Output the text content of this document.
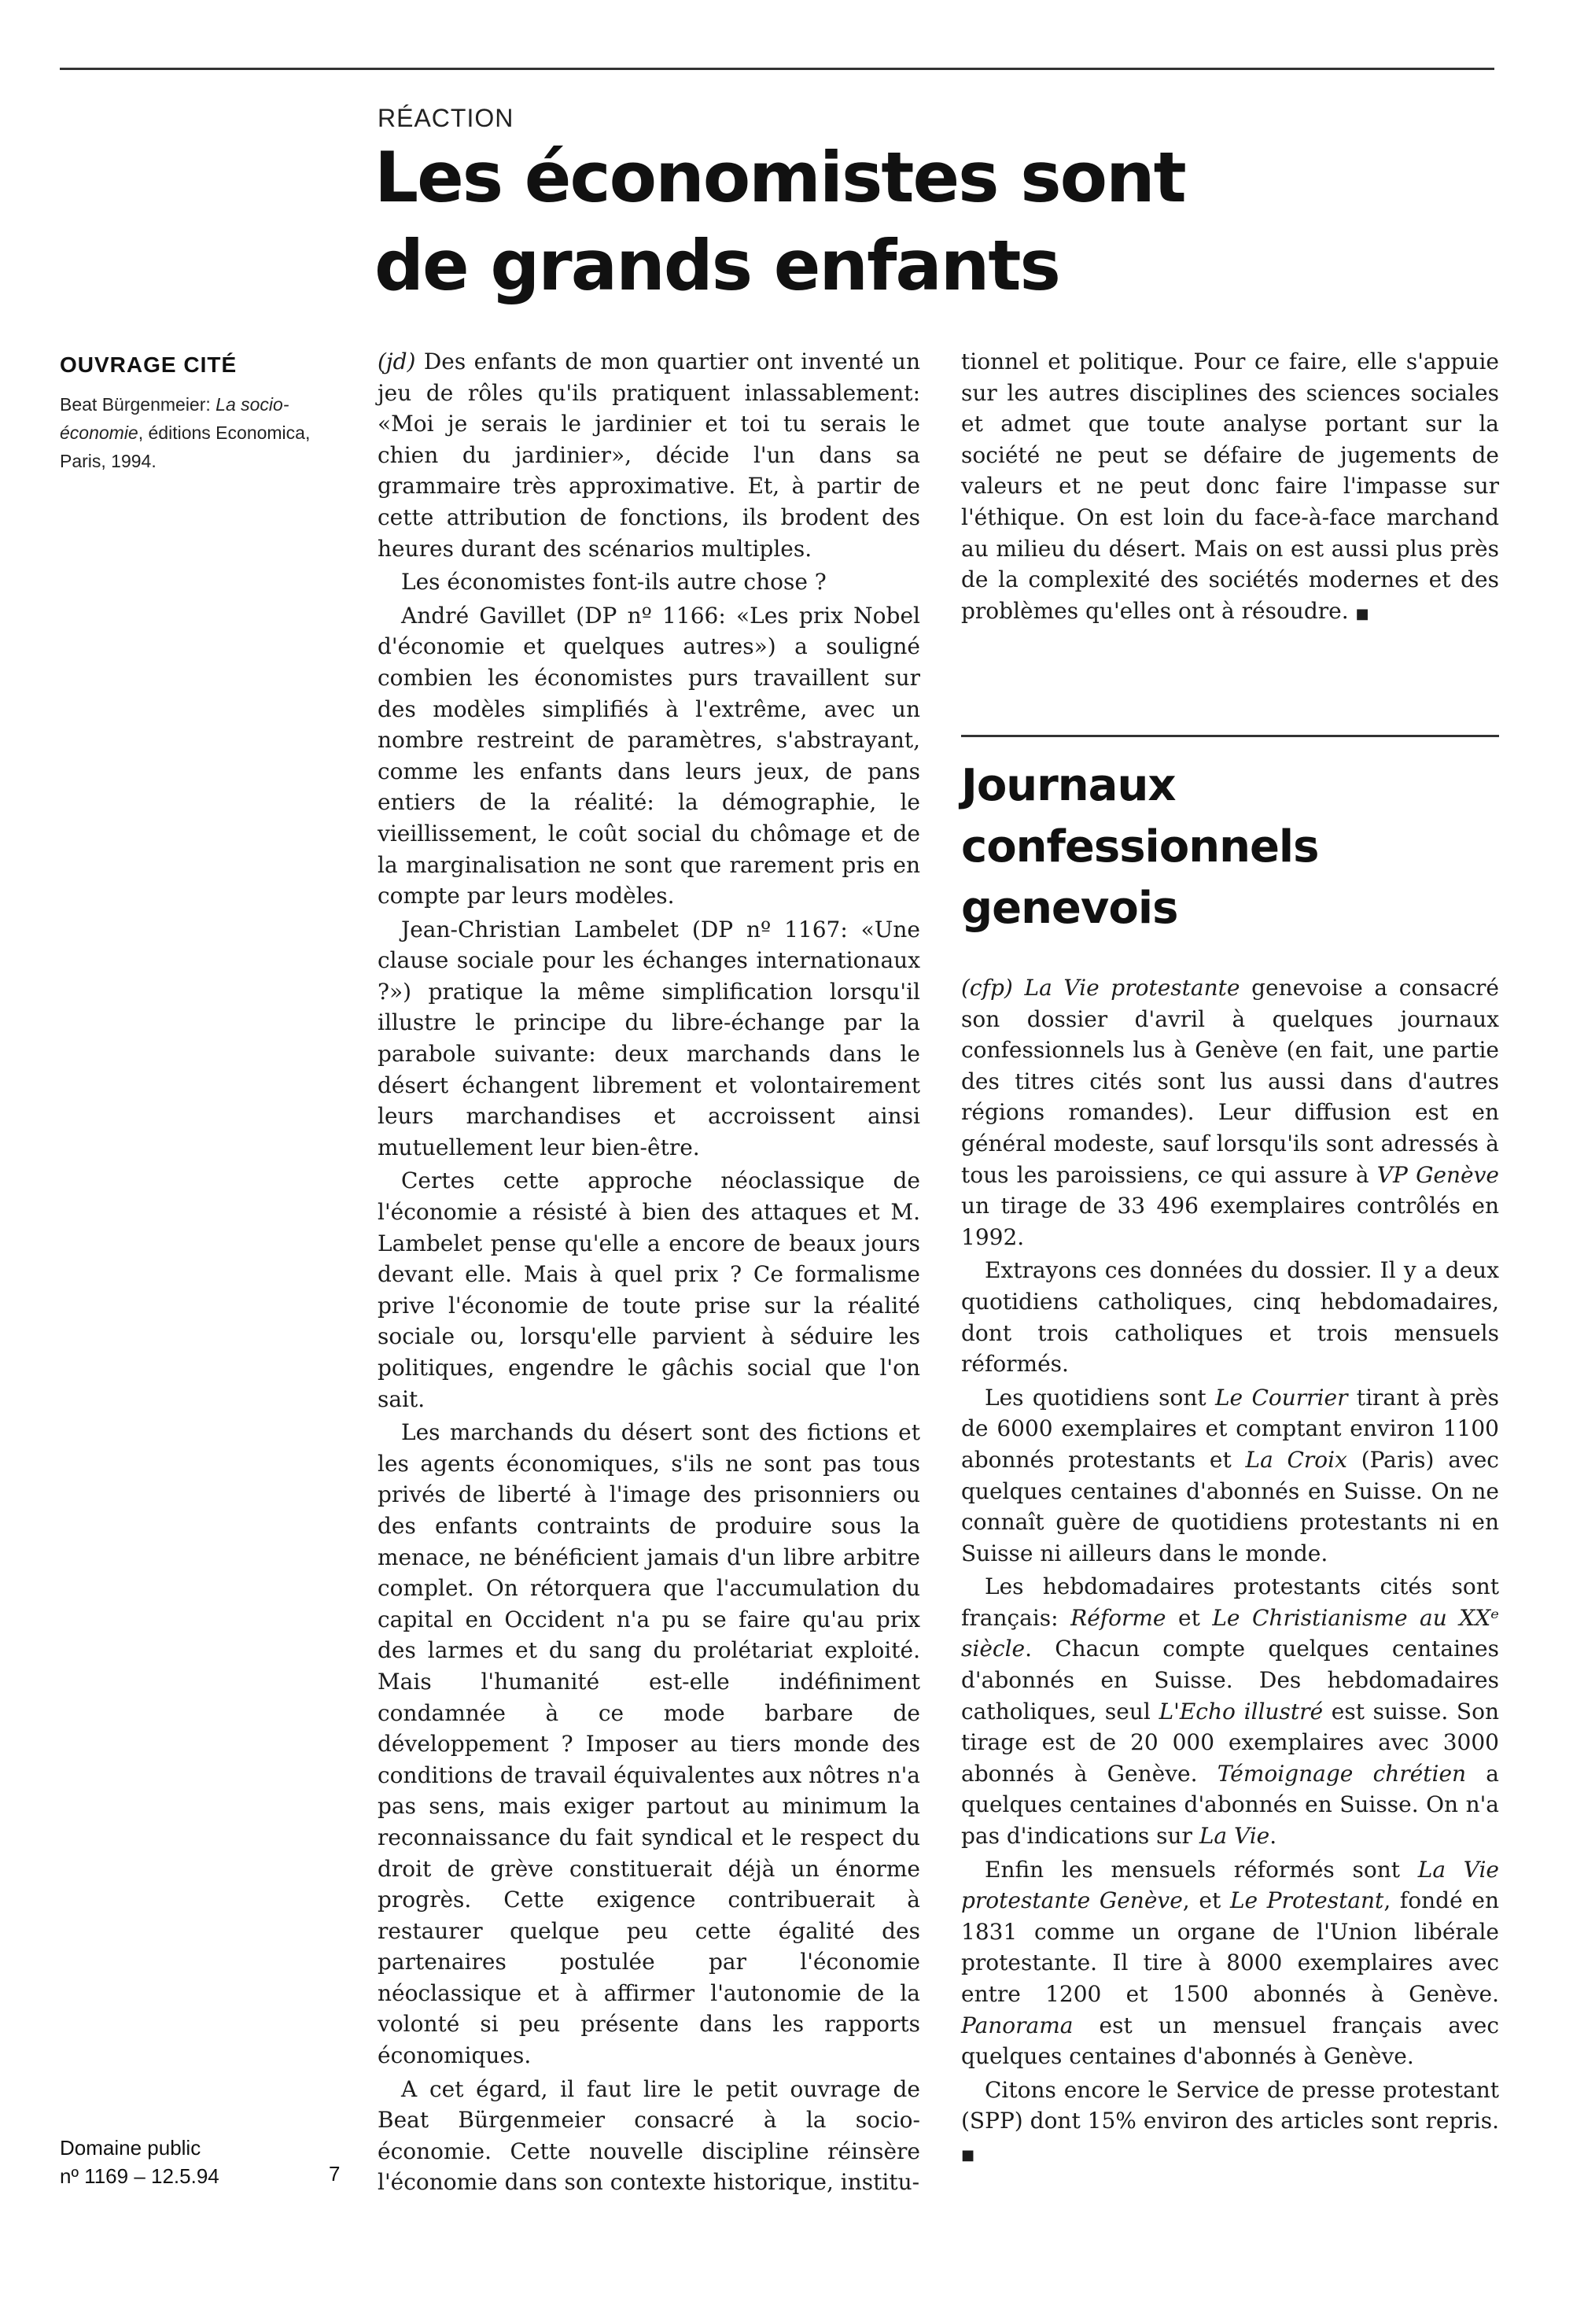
RÉACTION
Les économistes sont
de grands enfants
OUVRAGE CITÉ

Beat Bürgenmeier: La socio-économie, éditions Economica, Paris, 1994.

(jd) Des enfants de mon quartier ont inventé un jeu de rôles qu'ils pratiquent inlassablement: «Moi je serais le jardinier et toi tu serais le chien du jardinier», décide l'un dans sa grammaire très approximative. Et, à partir de cette attribution de fonctions, ils brodent des heures durant des scénarios multiples.

Les économistes font-ils autre chose ?

André Gavillet (DP nº 1166: «Les prix Nobel d'économie et quelques autres») a souligné combien les économistes purs travaillent sur des modèles simplifiés à l'extrême, avec un nombre restreint de paramètres, s'abstrayant, comme les enfants dans leurs jeux, de pans entiers de la réalité: la démographie, le vieillissement, le coût social du chômage et de la marginalisation ne sont que rarement pris en compte par leurs modèles.

Jean-Christian Lambelet (DP nº 1167: «Une clause sociale pour les échanges internationaux ?») pratique la même simplification lorsqu'il illustre le principe du libre-échange par la parabole suivante: deux marchands dans le désert échangent librement et volontairement leurs marchandises et accroissent ainsi mutuellement leur bien-être.

Certes cette approche néoclassique de l'économie a résisté à bien des attaques et M. Lambelet pense qu'elle a encore de beaux jours devant elle. Mais à quel prix ? Ce formalisme prive l'économie de toute prise sur la réalité sociale ou, lorsqu'elle parvient à séduire les politiques, engendre le gâchis social que l'on sait.

Les marchands du désert sont des fictions et les agents économiques, s'ils ne sont pas tous privés de liberté à l'image des prisonniers ou des enfants contraints de produire sous la menace, ne bénéficient jamais d'un libre arbitre complet. On rétorquera que l'accumulation du capital en Occident n'a pu se faire qu'au prix des larmes et du sang du prolétariat exploité. Mais l'humanité est-elle indéfiniment condamnée à ce mode barbare de développement ? Imposer au tiers monde des conditions de travail équivalentes aux nôtres n'a pas sens, mais exiger partout au minimum la reconnaissance du fait syndical et le respect du droit de grève constituerait déjà un énorme progrès. Cette exigence contribuerait à restaurer quelque peu cette égalité des partenaires postulée par l'économie néoclassique et à affirmer l'autonomie de la volonté si peu présente dans les rapports économiques.

A cet égard, il faut lire le petit ouvrage de Beat Bürgenmeier consacré à la socio-économie. Cette nouvelle discipline réinsère l'économie dans son contexte historique, institu-

tionnel et politique. Pour ce faire, elle s'appuie sur les autres disciplines des sciences sociales et admet que toute analyse portant sur la société ne peut se défaire de jugements de valeurs et ne peut donc faire l'impasse sur l'éthique. On est loin du face-à-face marchand au milieu du désert. Mais on est aussi plus près de la complexité des sociétés modernes et des problèmes qu'elles ont à résoudre. ■

Journaux
confessionnels
genevois

(cfp) La Vie protestante genevoise a consacré son dossier d'avril à quelques journaux confessionnels lus à Genève (en fait, une partie des titres cités sont lus aussi dans d'autres régions romandes). Leur diffusion est en général modeste, sauf lorsqu'ils sont adressés à tous les paroissiens, ce qui assure à VP Genève un tirage de 33 496 exemplaires contrôlés en 1992.

Extrayons ces données du dossier. Il y a deux quotidiens catholiques, cinq hebdomadaires, dont trois catholiques et trois mensuels réformés.

Les quotidiens sont Le Courrier tirant à près de 6000 exemplaires et comptant environ 1100 abonnés protestants et La Croix (Paris) avec quelques centaines d'abonnés en Suisse. On ne connaît guère de quotidiens protestants ni en Suisse ni ailleurs dans le monde.

Les hebdomadaires protestants cités sont français: Réforme et Le Christianisme au XXᵉ siècle. Chacun compte quelques centaines d'abonnés en Suisse. Des hebdomadaires catholiques, seul L'Echo illustré est suisse. Son tirage est de 20 000 exemplaires avec 3000 abonnés à Genève. Témoignage chrétien a quelques centaines d'abonnés en Suisse. On n'a pas d'indications sur La Vie.

Enfin les mensuels réformés sont La Vie protestante Genève, et Le Protestant, fondé en 1831 comme un organe de l'Union libérale protestante. Il tire à 8000 exemplaires avec entre 1200 et 1500 abonnés à Genève. Panorama est un mensuel français avec quelques centaines d'abonnés à Genève.

Citons encore le Service de presse protestant (SPP) dont 15% environ des articles sont repris. ■

Domaine public
nº 1169 – 12.5.94	7
